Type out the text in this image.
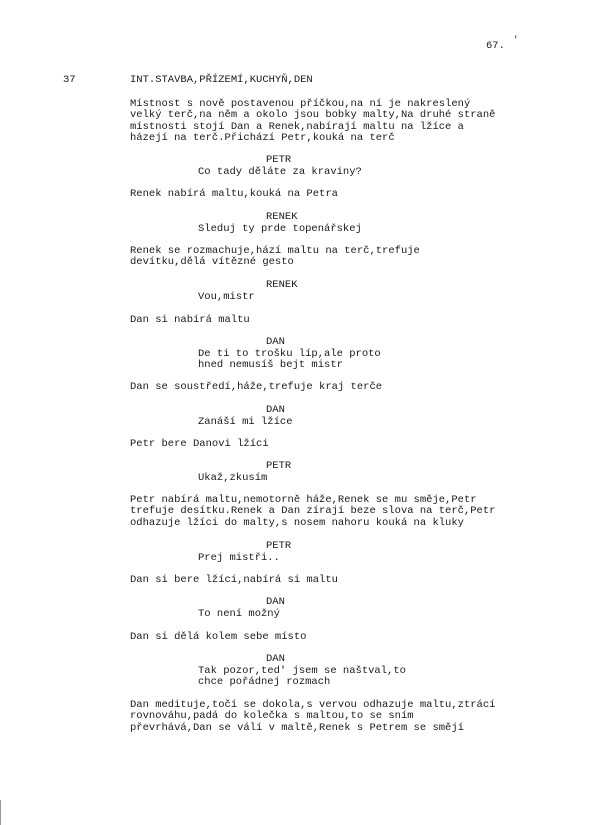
67. '
37	INT.STAVBA,PŘÍZEMÍ,KUCHYŇ,DEN
Místnost s nově postavenou příčkou,na ní je nakreslený
velký terč,na něm a okolo jsou bobky malty,Na druhé straně
místnosti stojí Dan a Renek,nabírají maltu na lžíce a
házejí na terč.Přichází Petr,kouká na terč
PETR
Co tady děláte za kraviny?
Renek nabírá maltu,kouká na Petra
RENEK
Sleduj ty prde topenářskej
Renek se rozmachuje,hází maltu na terč,trefuje
devítku,dělá vítězné gesto
RENEK
Vou,mistr
Dan si nabírá maltu
DAN
De ti to trošku líp,ale proto
hned nemusíš bejt mistr
Dan se soustředí,háže,trefuje kraj terče
DAN
Zanáší mi lžíce
Petr bere Danovi lžíci
PETR
Ukaž,zkusím
Petr nabírá maltu,nemotorně háže,Renek se mu směje,Petr
trefuje desítku.Renek a Dan zírají beze slova na terč,Petr
odhazuje lžíci do malty,s nosem nahoru kouká na kluky
PETR
Prej mistři..
Dan si bere lžíci,nabírá si maltu
DAN
To není možný
Dan si dělá kolem sebe místo
DAN
Tak pozor,ted' jsem se naštval,to
chce pořádnej rozmach
Dan medituje,točí se dokola,s vervou odhazuje maltu,ztrácí
rovnováhu,padá do kolečka s maltou,to se sním
převrhává,Dan se válí v maltě,Renek s Petrem se smějí
